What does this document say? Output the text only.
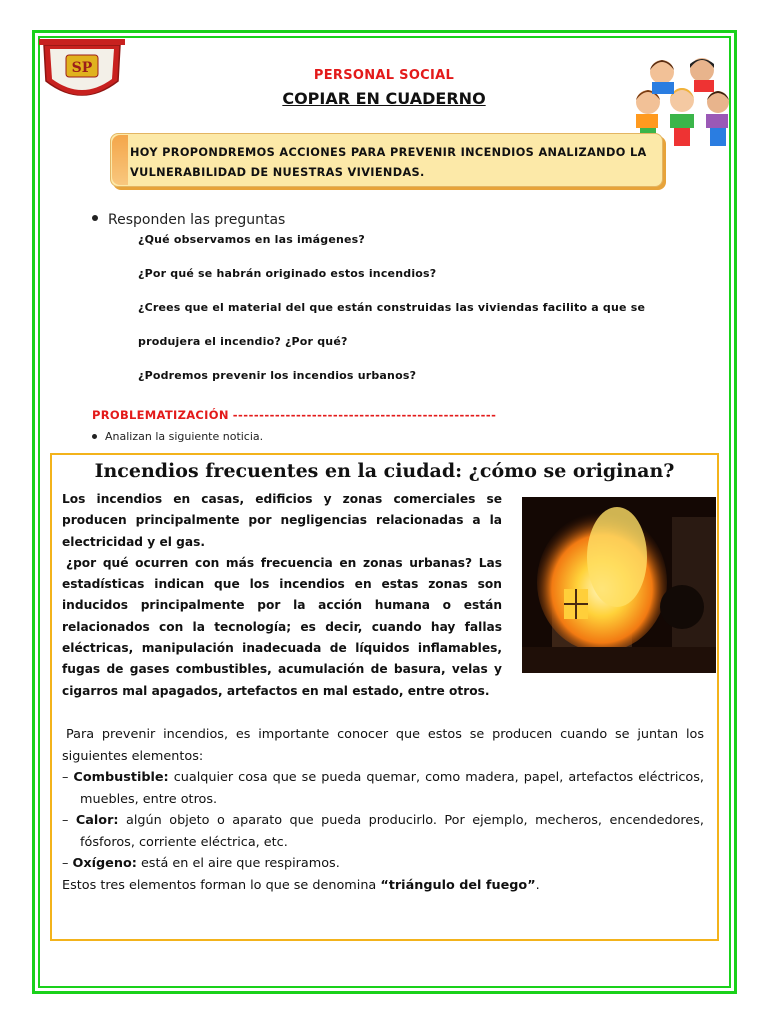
SP	PERSONAL SOCIAL
COPIAR EN CUADERNO
HOY PROPONDREMOS ACCIONES PARA PREVENIR INCENDIOS ANALIZANDO LA VULNERABILIDAD DE NUESTRAS VIVIENDAS.
Responden las preguntas
¿Qué observamos en las imágenes?
¿Por qué se habrán originado estos incendios?
¿Crees que el material del que están construidas las viviendas facilito a que se
produjera el incendio? ¿Por qué?
¿Podremos prevenir los incendios urbanos?
PROBLEMATIZACIÓN --------------------------------------------------
Analizan la siguiente noticia.
Incendios frecuentes en la ciudad: ¿cómo se originan?
Los incendios en casas, edificios y zonas comerciales se producen principalmente por negligencias relacionadas a la electricidad y el gas.
¿por qué ocurren con más frecuencia en zonas urbanas? Las estadísticas indican que los incendios en estas zonas son inducidos principalmente por la acción humana o están relacionados con la tecnología; es decir, cuando hay fallas eléctricas, manipulación inadecuada de líquidos inflamables, fugas de gases combustibles, acumulación de basura, velas y cigarros mal apagados, artefactos en mal estado, entre otros.
Para prevenir incendios, es importante conocer que estos se producen cuando se juntan los siguientes elementos:
– Combustible: cualquier cosa que se pueda quemar, como madera, papel, artefactos eléctricos, muebles, entre otros.
– Calor: algún objeto o aparato que pueda producirlo. Por ejemplo, mecheros, encendedores, fósforos, corriente eléctrica, etc.
– Oxígeno: está en el aire que respiramos.
Estos tres elementos forman lo que se denomina “triángulo del fuego”.
